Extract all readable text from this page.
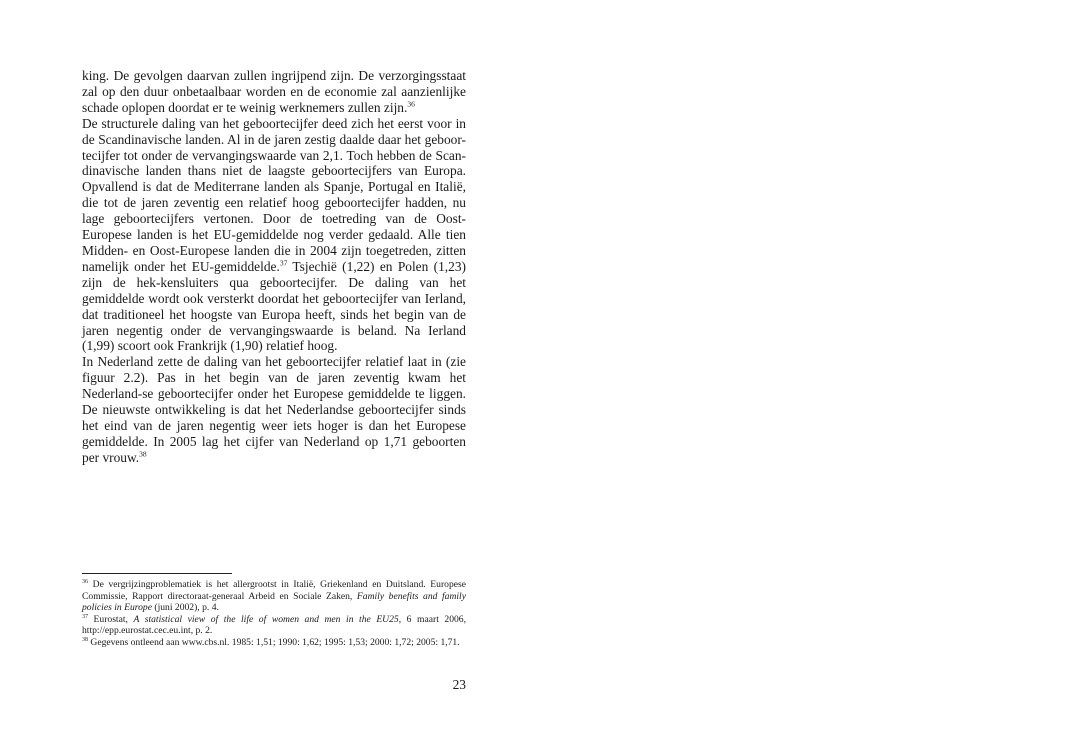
king. De gevolgen daarvan zullen ingrijpend zijn. De verzorgingsstaat zal op den duur onbetaalbaar worden en de economie zal aanzienlijke schade oplopen doordat er te weinig werknemers zullen zijn.$^{36}$

De structurele daling van het geboortecijfer deed zich het eerst voor in de Scandinavische landen. Al in de jaren zestig daalde daar het geboor-tecijfer tot onder de vervangingswaarde van 2,1. Toch hebben de Scan-dinavische landen thans niet de laagste geboortecijfers van Europa. Opvallend is dat de Mediterrane landen als Spanje, Portugal en Italië, die tot de jaren zeventig een relatief hoog geboortecijfer hadden, nu lage geboortecijfers vertonen. Door de toetreding van de Oost-Europese landen is het EU-gemiddelde nog verder gedaald. Alle tien Midden- en Oost-Europese landen die in 2004 zijn toegetreden, zitten namelijk onder het EU-gemiddelde.$^{37}$ Tsjechië (1,22) en Polen (1,23) zijn de hek-kensluiters qua geboortecijfer. De daling van het gemiddelde wordt ook versterkt doordat het geboortecijfer van Ierland, dat traditioneel het hoogste van Europa heeft, sinds het begin van de jaren negentig onder de vervangingswaarde is beland. Na Ierland (1,99) scoort ook Frankrijk (1,90) relatief hoog.

In Nederland zette de daling van het geboortecijfer relatief laat in (zie figuur 2.2). Pas in het begin van de jaren zeventig kwam het Nederland-se geboortecijfer onder het Europese gemiddelde te liggen. De nieuwste ontwikkeling is dat het Nederlandse geboortecijfer sinds het eind van de jaren negentig weer iets hoger is dan het Europese gemiddelde. In 2005 lag het cijfer van Nederland op 1,71 geboorten per vrouw.$^{38}$

$^{36}$ De vergrijzingproblematiek is het allergrootst in Italië, Griekenland en Duitsland. Europese Commissie, Rapport directoraat-generaal Arbeid en Sociale Zaken, Family benefits and family policies in Europe (juni 2002), p. 4.

$^{37}$ Eurostat, A statistical view of the life of women and men in the EU25, 6 maart 2006, http://epp.eurostat.cec.eu.int, p. 2.

$^{38}$ Gegevens ontleend aan www.cbs.nl. 1985: 1,51; 1990: 1,62; 1995: 1,53; 2000: 1,72; 2005: 1,71.

23
